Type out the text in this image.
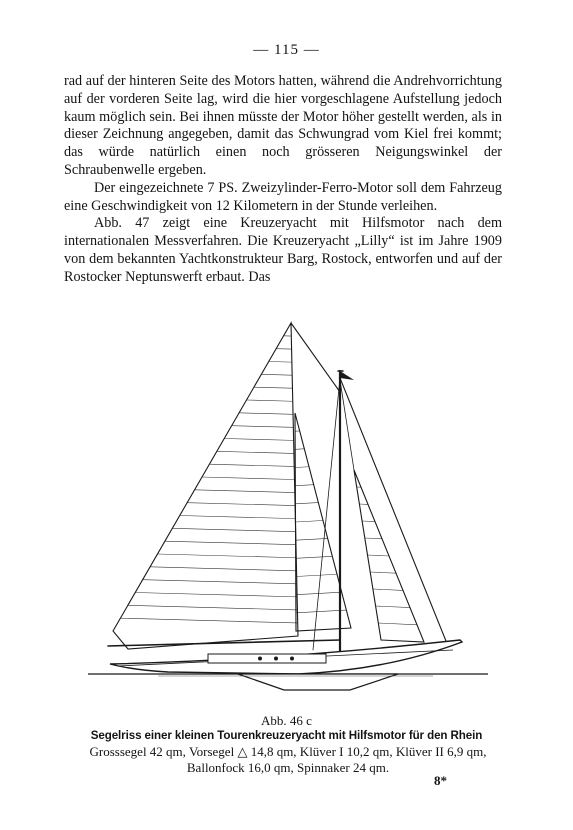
— 115 —

rad auf der hinteren Seite des Motors hatten, während die Andrehvorrichtung auf der vorderen Seite lag, wird die hier vorgeschlagene Aufstellung jedoch kaum möglich sein. Bei ihnen müsste der Motor höher gestellt werden, als in dieser Zeichnung angegeben, damit das Schwungrad vom Kiel frei kommt; das würde natürlich einen noch grösseren Neigungswinkel der Schraubenwelle ergeben.

Der eingezeichnete 7 PS. Zweizylinder-Ferro-Motor soll dem Fahrzeug eine Geschwindigkeit von 12 Kilometern in der Stunde verleihen.

Abb. 47 zeigt eine Kreuzeryacht mit Hilfsmotor nach dem internationalen Messverfahren. Die Kreuzeryacht „Lilly“ ist im Jahre 1909 von dem bekannten Yachtkonstrukteur Barg, Rostock, entworfen und auf der Rostocker Neptunswerft erbaut. Das

Abb. 46 c
Segelriss einer kleinen Tourenkreuzeryacht mit Hilfsmotor für den Rhein
Grosssegel 42 qm, Vorsegel △ 14,8 qm, Klüver I 10,2 qm, Klüver II 6,9 qm, Ballonfock 16,0 qm, Spinnaker 24 qm.
8*
